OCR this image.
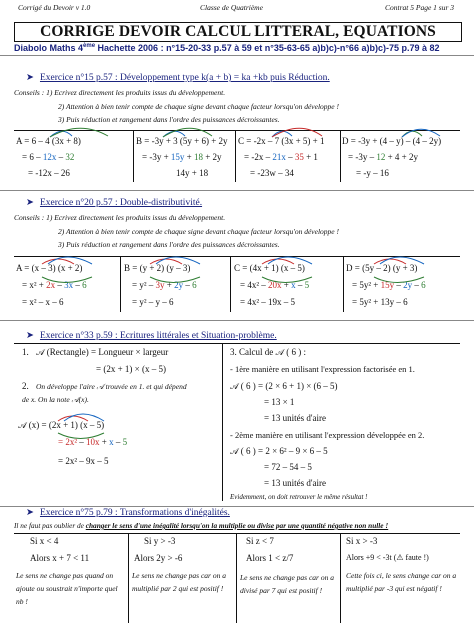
Corrigé du Devoir v 1.0	Classe de Quatrième	Contrat 5 Page 1 sur 3
CORRIGE DEVOIR CALCUL LITTERAL, EQUATIONS
Diabolo Maths 4ème Hachette 2006 : n°15-20-33 p.57 à 59 et n°35-63-65 a)b)c)-n°66 a)b)c)-75 p.79 à 82
➤ Exercice n°15 p.57 : Développement type k(a + b) = ka +kb puis Réduction.
Conseils : 1) Ecrivez directement les produits issus du développement.
2) Attention à bien tenir compte de chaque signe devant chaque facteur lorsqu'on développe !
3) Puis réduction et rangement dans l'ordre des puissances décroissantes.
A = 6 – 4 (3x + 8)
= 6 – 12x – 32
= -12x – 26
B = -3y + 3 (5y + 6) + 2y
= -3y + 15y + 18 + 2y
14y + 18
C = -2x – 7 (3x + 5) + 1
= -2x – 21x – 35 + 1
= -23w – 34
D = -3y + (4 – y) – (4 – 2y)
= -3y – 12 + 4 + 2y
= -y – 16
➤ Exercice n°20 p.57 : Double-distributivité.
Conseils : 1) Ecrivez directement les produits issus du développement.
2) Attention à bien tenir compte de chaque signe devant chaque facteur lorsqu'on développe !
3) Puis réduction et rangement dans l'ordre des puissances décroissantes.
A = (x – 3) (x + 2)
= x² + 2x – 3x – 6
= x² – x – 6
B = (y + 2) (y – 3)
= y² – 3y + 2y – 6
= y² – y – 6
C = (4x + 1) (x – 5)
= 4x² – 20x + x – 5
= 4x² – 19x – 5
D = (5y – 2) (y + 3)
= 5y² + 15y – 2y – 6
= 5y² + 13y – 6
➤ Exercice n°33 p.59 : Ecritures littérales et Situation-problème.
1. 𝒜 (Rectangle) = Longueur × largeur
= (2x + 1) × (x – 5)
2. On développe l'aire 𝒜 trouvée en 1. et qui dépend
de x. On la note 𝒜(x).
𝒜 (x) = (2x + 1) (x – 5)
= 2x² – 10x + x – 5
= 2x² – 9x – 5
3. Calcul de 𝒜 ( 6 ) :
- 1ère manière en utilisant l'expression factorisée en 1.
𝒜 ( 6 ) = (2 × 6 + 1) × (6 – 5)
= 13 × 1
= 13 unités d'aire
- 2ème manière en utilisant l'expression développée en 2.
𝒜 ( 6 ) = 2 × 6² – 9 × 6 – 5
= 72 – 54 – 5
= 13 unités d'aire
Evidemment, on doit retrouver le même résultat !
➤ Exercice n°75 p.79 : Transformations d'inégalités.
Il ne faut pas oublier de changer le sens d'une inégalité lorsqu'on la multiplie ou divise par une quantité négative non nulle !
Si x < 4
Alors x + 7 < 11
Le sens ne change pas quand on ajoute ou soustrait n'importe quel nb !
Si y > -3
Alors 2y > -6
Le sens ne change pas car on a multiplié par 2 qui est positif !
Si z < 7
Alors 1 < z/7
Le sens ne change pas car on a divisé par 7 qui est positif !
Si x > -3
Alors +9 < -3t (⚠ faute !)
Cette fois ci, le sens change car on a multiplié par -3 qui est négatif !
